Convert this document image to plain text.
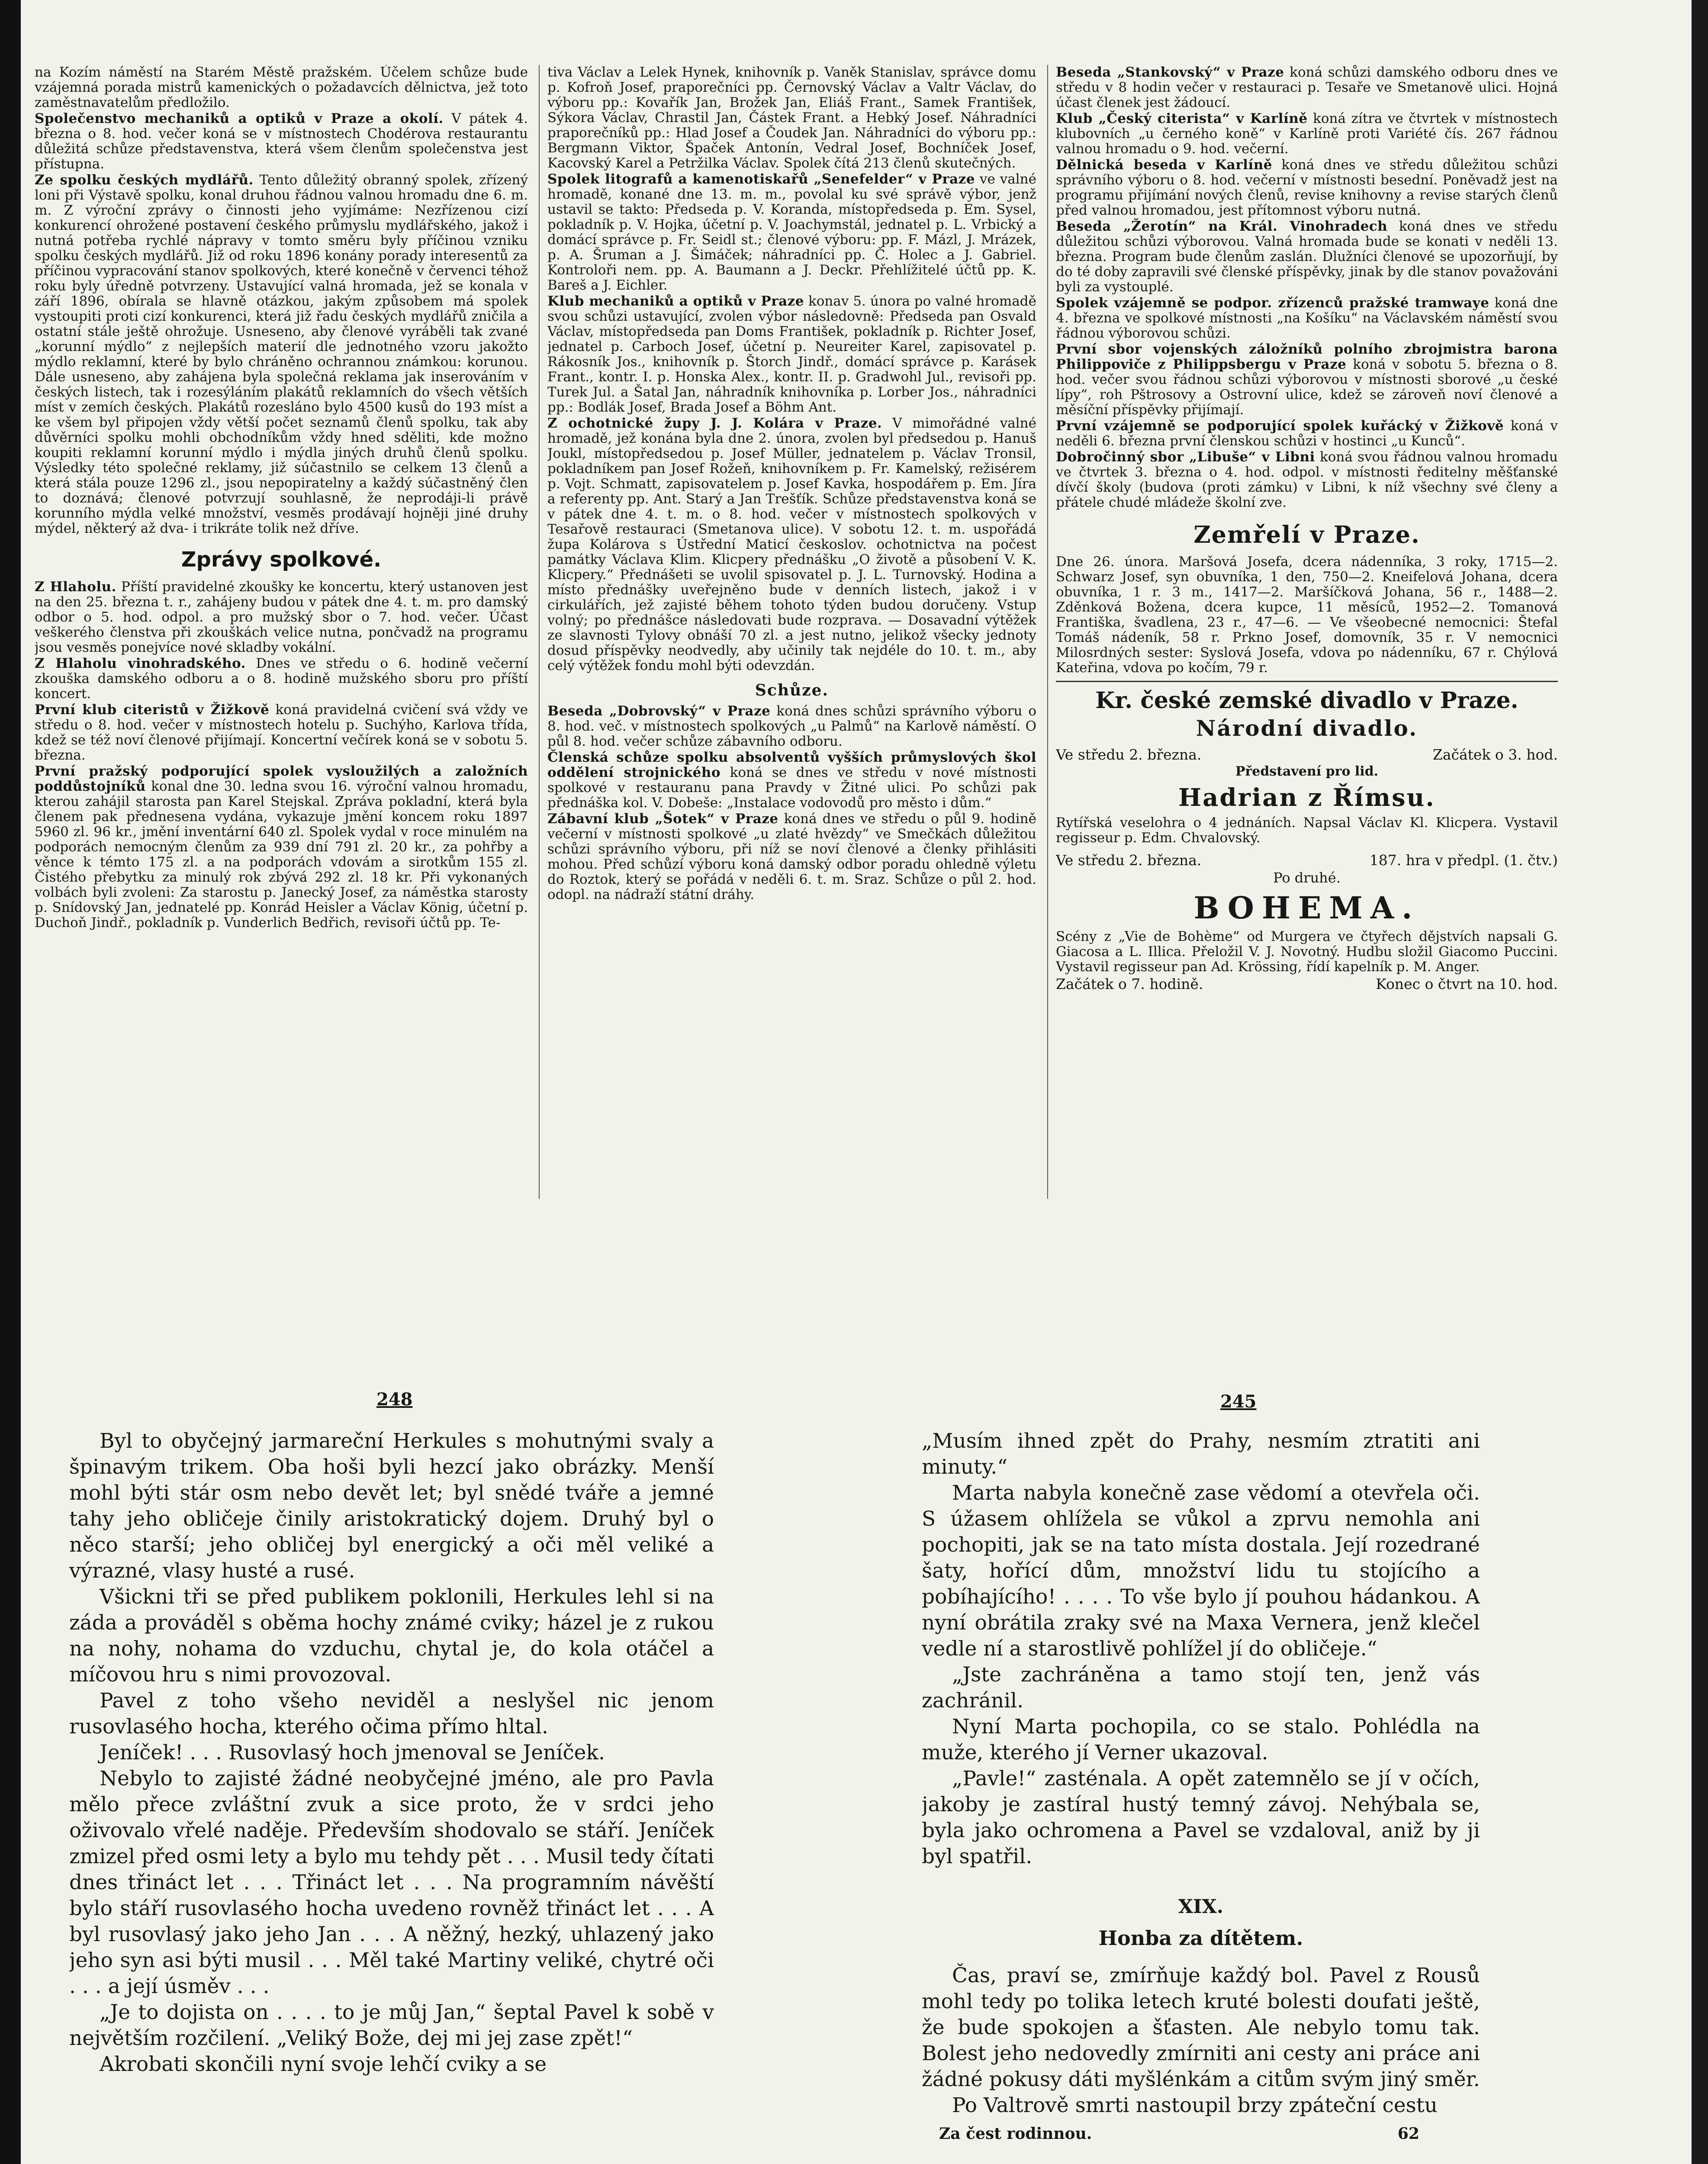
na Kozím náměstí na Starém Městě pražském. Účelem schůze bude vzájemná porada mistrů kamenických o požadavcích dělnictva, jež toto zaměstnavatelům předložilo.

Společenstvo mechaniků a optiků v Praze a okolí. V pátek 4. března o 8. hod. večer koná se v místnostech Chodérova restaurantu důležitá schůze představenstva, která všem členům společenstva jest přístupna.

Ze spolku českých mydlářů. Tento důležitý obranný spolek, zřízený loni při Výstavě spolku, konal druhou řádnou valnou hromadu dne 6. m. m. Z výroční zprávy o činnosti jeho vyjímáme: Nezřízenou cizí konkurencí ohrožené postavení českého průmyslu mydlářského, jakož i nutná potřeba rychlé nápravy v tomto směru byly příčinou vzniku spolku českých mydlářů. Již od roku 1896 konány porady interesentů za příčinou vypracování stanov spolkových, které konečně v červenci téhož roku byly úředně potvrzeny. Ustavující valná hromada, jež se konala v září 1896, obírala se hlavně otázkou, jakým způsobem má spolek vystoupiti proti cizí konkurenci, která již řadu českých mydlářů zničila a ostatní stále ještě ohrožuje. Usneseno, aby členové vyráběli tak zvané „korunní mýdlo“ z nejlepších materií dle jednotného vzoru jakožto mýdlo reklamní, které by bylo chráněno ochrannou známkou: korunou. Dále usneseno, aby zahájena byla společná reklama jak inserováním v českých listech, tak i rozesýláním plakátů reklamních do všech větších míst v zemích českých. Plakátů rozesláno bylo 4500 kusů do 193 míst a ke všem byl připojen vždy větší počet seznamů členů spolku, tak aby důvěrníci spolku mohli obchodníkům vždy hned sděliti, kde možno koupiti reklamní korunní mýdlo i mýdla jiných druhů členů spolku. Výsledky této společné reklamy, již súčastnilo se celkem 13 členů a která stála pouze 1296 zl., jsou nepopiratelny a každý súčastněný člen to doznává; členové potvrzují souhlasně, že neprodáji-li právě korunního mýdla velké množství, vesměs prodávají hojněji jiné druhy mýdel, některý až dva- i trikráte tolik než dříve.

Zprávy spolkové.

Z Hlaholu. Příští pravidelné zkoušky ke koncertu, který ustanoven jest na den 25. března t. r., zahájeny budou v pátek dne 4. t. m. pro damský odbor o 5. hod. odpol. a pro mužský sbor o 7. hod. večer. Účast veškerého členstva při zkouškách velice nutna, pončvadž na programu jsou vesměs ponejvíce nové skladby vokální.

Z Hlaholu vinohradského. Dnes ve středu o 6. hodině večerní zkouška damského odboru a o 8. hodině mužského sboru pro příští koncert.

První klub citeristů v Žižkově koná pravidelná cvičení svá vždy ve středu o 8. hod. večer v místnostech hotelu p. Suchýho, Karlova třída, kdež se též noví členové přijímají. Koncertní večírek koná se v sobotu 5. března.

První pražský podporující spolek vysloužilých a založních poddůstojníků konal dne 30. ledna svou 16. výroční valnou hromadu, kterou zahájil starosta pan Karel Stejskal. Zpráva pokladní, která byla členem pak přednesena vydána, vykazuje jmění koncem roku 1897 5960 zl. 96 kr., jmění inventární 640 zl. Spolek vydal v roce minulém na podporách nemocným členům za 939 dní 791 zl. 20 kr., za pohřby a věnce k témto 175 zl. a na podporách vdovám a sirotkům 155 zl. Čistého přebytku za minulý rok zbývá 292 zl. 18 kr. Při vykonaných volbách byli zvoleni: Za starostu p. Janecký Josef, za náměstka starosty p. Snídovský Jan, jednatelé pp. Konrád Heisler a Václav König, účetní p. Duchoň Jindř., pokladník p. Vunderlich Bedřich, revisoři účtů pp. Te-

tiva Václav a Lelek Hynek, knihovník p. Vaněk Stanislav, správce domu p. Kofroň Josef, praporečníci pp. Černovský Václav a Valtr Václav, do výboru pp.: Kovařík Jan, Brožek Jan, Eliáš Frant., Samek František, Sýkora Václav, Chrastil Jan, Částek Frant. a Hebký Josef. Náhradníci praporečníků pp.: Hlad Josef a Čoudek Jan. Náhradníci do výboru pp.: Bergmann Viktor, Špaček Antonín, Vedral Josef, Bochníček Josef, Kacovský Karel a Petržilka Václav. Spolek čítá 213 členů skutečných.

Spolek litografů a kamenotiskařů „Senefelder“ v Praze ve valné hromadě, konané dne 13. m. m., povolal ku své správě výbor, jenž ustavil se takto: Předseda p. V. Koranda, místopředseda p. Em. Sysel, pokladník p. V. Hojka, účetní p. V. Joachymstál, jednatel p. L. Vrbický a domácí správce p. Fr. Seidl st.; členové výboru: pp. F. Mázl, J. Mrázek, p. A. Šruman a J. Šimáček; náhradníci pp. Č. Holec a J. Gabriel. Kontroloři nem. pp. A. Baumann a J. Deckr. Přehlížitelé účtů pp. K. Bareš a J. Eichler.

Klub mechaniků a optiků v Praze konav 5. února po valné hromadě svou schůzi ustavující, zvolen výbor následovně: Předseda pan Osvald Václav, místopředseda pan Doms František, pokladník p. Richter Josef, jednatel p. Carboch Josef, účetní p. Neureiter Karel, zapisovatel p. Rákosník Jos., knihovník p. Štorch Jindř., domácí správce p. Karásek Frant., kontr. I. p. Honska Alex., kontr. II. p. Gradwohl Jul., revisoři pp. Turek Jul. a Šatal Jan, náhradník knihovníka p. Lorber Jos., náhradníci pp.: Bodlák Josef, Brada Josef a Böhm Ant.

Z ochotnické župy J. J. Kolára v Praze. V mimořádné valné hromadě, jež konána byla dne 2. února, zvolen byl předsedou p. Hanuš Joukl, místopředsedou p. Josef Müller, jednatelem p. Václav Tronsil, pokladníkem pan Josef Rožeň, knihovníkem p. Fr. Kamelský, režisérem p. Vojt. Schmatt, zapisovatelem p. Josef Kavka, hospodářem p. Em. Jíra a referenty pp. Ant. Starý a Jan Trešťík. Schůze představenstva koná se v pátek dne 4. t. m. o 8. hod. večer v místnostech spolkových v Tesařově restauraci (Smetanova ulice). V sobotu 12. t. m. uspořádá župa Kolárova s Ústřední Maticí českoslov. ochotnictva na počest památky Václava Klim. Klicpery přednášku „O životě a působení V. K. Klicpery.“ Přednášeti se uvolil spisovatel p. J. L. Turnovský. Hodina a místo přednášky uveřejněno bude v denních listech, jakož i v cirkulářích, jež zajisté během tohoto týden budou doručeny. Vstup volný; po přednášce následovati bude rozprava. — Dosavadní výtěžek ze slavnosti Tylovy obnáší 70 zl. a jest nutno, jelikož všecky jednoty dosud příspěvky neodvedly, aby učinily tak nejdéle do 10. t. m., aby celý výtěžek fondu mohl býti odevzdán.

Schůze.

Beseda „Dobrovský“ v Praze koná dnes schůzi správního výboru o 8. hod. več. v místnostech spolkových „u Palmů“ na Karlově náměstí. O půl 8. hod. večer schůze zábavního odboru.

Členská schůze spolku absolventů vyšších průmyslových škol oddělení strojnického koná se dnes ve středu v nové místnosti spolkové v restauranu pana Pravdy v Žitné ulici. Po schůzi pak přednáška kol. V. Dobeše: „Instalace vodovodů pro město i dům.“

Zábavní klub „Šotek“ v Praze koná dnes ve středu o půl 9. hodině večerní v místnosti spolkové „u zlaté hvězdy“ ve Smečkách důležitou schůzi správního výboru, při níž se noví členové a členky přihlásiti mohou. Před schůzí výboru koná damský odbor poradu ohledně výletu do Roztok, který se pořádá v neděli 6. t. m. Sraz. Schůze o půl 2. hod. odopl. na nádraží státní dráhy.

Beseda „Stankovský“ v Praze koná schůzi damského odboru dnes ve středu v 8 hodin večer v restauraci p. Tesaře ve Smetanově ulici. Hojná účast členek jest žádoucí.

Klub „Český citerista“ v Karlíně koná zítra ve čtvrtek v místnostech klubovních „u černého koně“ v Karlíně proti Variété čís. 267 řádnou valnou hromadu o 9. hod. večerní.

Dělnická beseda v Karlíně koná dnes ve středu důležitou schůzi správního výboru o 8. hod. večerní v místnosti besední. Poněvadž jest na programu přijímání nových členů, revise knihovny a revise starých členů před valnou hromadou, jest přítomnost výboru nutná.

Beseda „Žerotín“ na Král. Vinohradech koná dnes ve středu důležitou schůzi výborovou. Valná hromada bude se konati v neděli 13. března. Program bude členům zaslán. Dlužníci členové se upozorňují, by do té doby zapravili své členské příspěvky, jinak by dle stanov považováni byli za vystouplé.

Spolek vzájemně se podpor. zřízenců pražské tramwaye koná dne 4. března ve spolkové místnosti „na Košíku“ na Václavském náměstí svou řádnou výborovou schůzi.

První sbor vojenských záložníků polního zbrojmistra barona Philippoviče z Philippsbergu v Praze koná v sobotu 5. března o 8. hod. večer svou řádnou schůzi výborovou v místnosti sborové „u české lípy“, roh Pštrosovy a Ostrovní ulice, kdež se zároveň noví členové a měsíční příspěvky přijímají.

První vzájemně se podporující spolek kuřácký v Žižkově koná v neděli 6. března první členskou schůzi v hostinci „u Kunců“.

Dobročinný sbor „Libuše“ v Libni koná svou řádnou valnou hromadu ve čtvrtek 3. března o 4. hod. odpol. v místnosti ředitelny měšťanské dívčí školy (budova (proti zámku) v Libni, k níž všechny své členy a přátele chudé mládeže školní zve.

Zemřelí v Praze.

Dne 26. února. Maršová Josefa, dcera nádenníka, 3 roky, 1715—2. Schwarz Josef, syn obuvníka, 1 den, 750—2. Kneifelová Johana, dcera obuvníka, 1 r. 3 m., 1417—2. Maršíčková Johana, 56 r., 1488—2. Zděnková Božena, dcera kupce, 11 měsíců, 1952—2. Tomanová Františka, švadlena, 23 r., 47—6. — Ve všeobecné nemocnici: Štefal Tomáš nádeník, 58 r. Prkno Josef, domovník, 35 r. V nemocnici Milosrdných sester: Syslová Josefa, vdova po nádenníku, 67 r. Chýlová Kateřina, vdova po kočím, 79 r.

Kr. české zemské divadlo v Praze.
Národní divadlo.
Ve středu 2. března.	Začátek o 3. hod.
Představení pro lid.
Hadrian z Římsu.

Rytířská veselohra o 4 jednáních. Napsal Václav Kl. Klicpera. Vystavil regisseur p. Edm. Chvalovský.

Ve středu 2. března.	187. hra v předpl. (1. čtv.)
Po druhé.
BOHEMA.

Scény z „Vie de Bohème“ od Murgera ve čtyřech dějstvích napsali G. Giacosa a L. Illica. Přeložil V. J. Novotný. Hudbu složil Giacomo Puccini. Vystavil regisseur pan Ad. Krössing, řídí kapelník p. M. Anger.

Začátek o 7. hodině.	Konec o čtvrt na 10. hod.
248	245

Byl to obyčejný jarmareční Herkules s mohutnými svaly a špinavým trikem. Oba hoši byli hezcí jako obrázky. Menší mohl býti stár osm nebo devět let; byl snědé tváře a jemné tahy jeho obličeje činily aristokratický dojem. Druhý byl o něco starší; jeho obličej byl energický a oči měl veliké a výrazné, vlasy husté a rusé.

Všickni tři se před publikem poklonili, Herkules lehl si na záda a prováděl s oběma hochy známé cviky; házel je z rukou na nohy, nohama do vzduchu, chytal je, do kola otáčel a míčovou hru s nimi provozoval.

Pavel z toho všeho neviděl a neslyšel nic jenom rusovlasého hocha, kterého očima přímo hltal.

Jeníček! . . . Rusovlasý hoch jmenoval se Jeníček.

Nebylo to zajisté žádné neobyčejné jméno, ale pro Pavla mělo přece zvláštní zvuk a sice proto, že v srdci jeho oživovalo vřelé naděje. Především shodovalo se stáří. Jeníček zmizel před osmi lety a bylo mu tehdy pět . . . Musil tedy čítati dnes třináct let . . . Třináct let . . . Na programním návěští bylo stáří rusovlasého hocha uvedeno rovněž třináct let . . . A byl rusovlasý jako jeho Jan . . . A něžný, hezký, uhlazený jako jeho syn asi býti musil . . . Měl také Martiny veliké, chytré oči . . . a její úsměv . . .

„Je to dojista on . . . . to je můj Jan,“ šeptal Pavel k sobě v největším rozčilení. „Veliký Bože, dej mi jej zase zpět!“

Akrobati skončili nyní svoje lehčí cviky a se

„Musím ihned zpět do Prahy, nesmím ztratiti ani minuty.“

Marta nabyla konečně zase vědomí a otevřela oči. S úžasem ohlížela se vůkol a zprvu nemohla ani pochopiti, jak se na tato místa dostala. Její rozedrané šaty, hořící dům, množství lidu tu stojícího a pobíhajícího! . . . . To vše bylo jí pouhou hádankou. A nyní obrátila zraky své na Maxa Vernera, jenž klečel vedle ní a starostlivě pohlížel jí do obličeje.“

„Jste zachráněna a tamo stojí ten, jenž vás zachránil.

Nyní Marta pochopila, co se stalo. Pohlédla na muže, kterého jí Verner ukazoval.

„Pavle!“ zasténala. A opět zatemnělo se jí v očích, jakoby je zastíral hustý temný závoj. Nehýbala se, byla jako ochromena a Pavel se vzdaloval, aniž by ji byl spatřil.

XIX.
Honba za dítětem.

Čas, praví se, zmírňuje každý bol. Pavel z Rousů mohl tedy po tolika letech kruté bolesti doufati ještě, že bude spokojen a šťasten. Ale nebylo tomu tak. Bolest jeho nedovedly zmírniti ani cesty ani práce ani žádné pokusy dáti myšlénkám a citům svým jiný směr.

Po Valtrově smrti nastoupil brzy zpáteční cestu

Za čest rodinnou.	62
